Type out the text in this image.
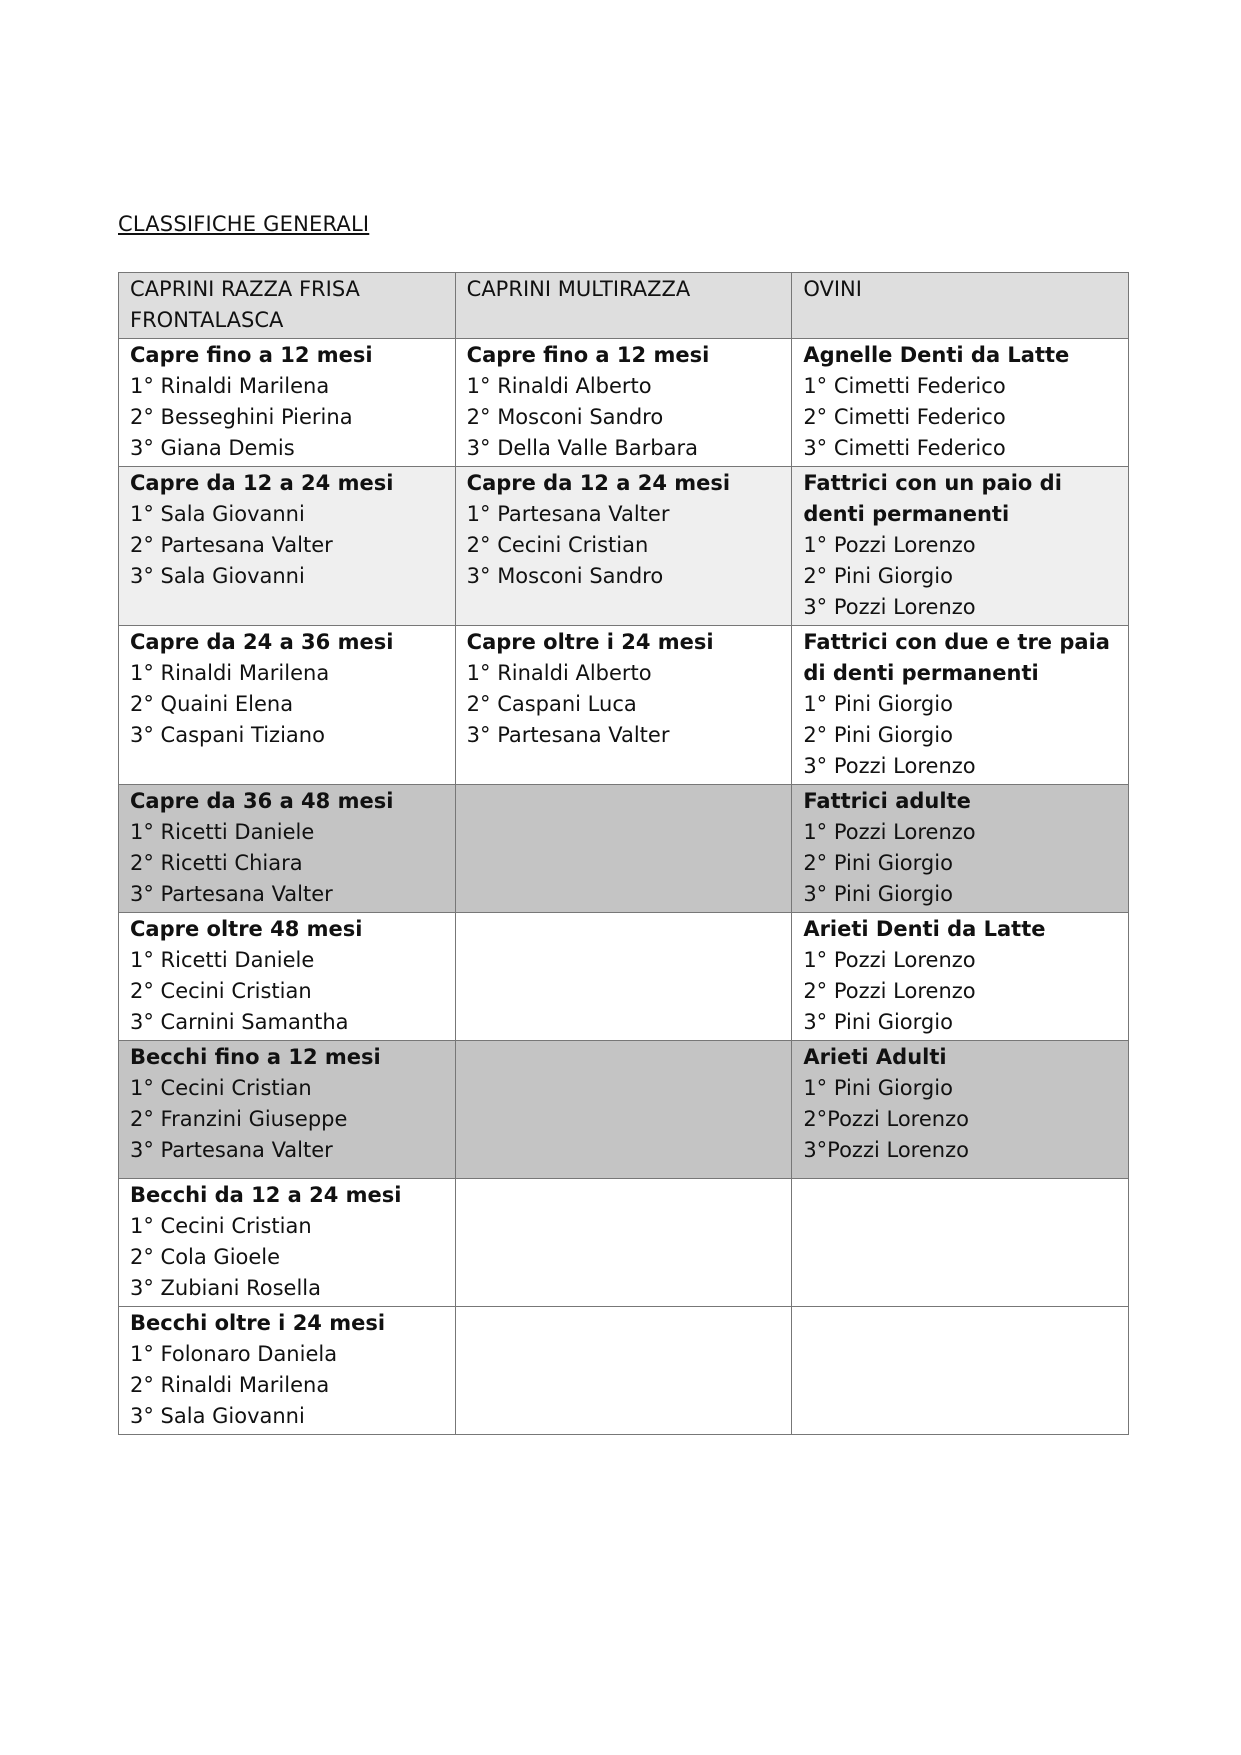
CLASSIFICHE GENERALI
CAPRINI RAZZA FRISA FRONTALASCA	CAPRINI MULTIRAZZA	OVINI

Capre fino a 12 mesi
1° Rinaldi Marilena
2° Besseghini Pierina
3° Giana Demis	Capre fino a 12 mesi
1° Rinaldi Alberto
2° Mosconi Sandro
3° Della Valle Barbara	Agnelle Denti da Latte
1° Cimetti Federico
2° Cimetti Federico
3° Cimetti Federico

Capre da 12 a 24 mesi
1° Sala Giovanni
2° Partesana Valter
3° Sala Giovanni	Capre da 12 a 24 mesi
1° Partesana Valter
2° Cecini Cristian
3° Mosconi Sandro	Fattrici con un paio di denti permanenti
1° Pozzi Lorenzo
2° Pini Giorgio
3° Pozzi Lorenzo

Capre da 24 a 36 mesi
1° Rinaldi Marilena
2° Quaini Elena
3° Caspani Tiziano	Capre oltre i 24 mesi
1° Rinaldi Alberto
2° Caspani Luca
3° Partesana Valter	Fattrici con due e tre paia di denti permanenti
1° Pini Giorgio
2° Pini Giorgio
3° Pozzi Lorenzo

Capre da 36 a 48 mesi
1° Ricetti Daniele
2° Ricetti Chiara
3° Partesana Valter		Fattrici adulte
1° Pozzi Lorenzo
2° Pini Giorgio
3° Pini Giorgio

Capre oltre 48 mesi
1° Ricetti Daniele
2° Cecini Cristian
3° Carnini Samantha		Arieti Denti da Latte
1° Pozzi Lorenzo
2° Pozzi Lorenzo
3° Pini Giorgio

Becchi fino a 12 mesi
1° Cecini Cristian
2° Franzini Giuseppe
3° Partesana Valter		Arieti Adulti
1° Pini Giorgio
2°Pozzi Lorenzo
3°Pozzi Lorenzo

Becchi da 12 a 24 mesi
1° Cecini Cristian
2° Cola Gioele
3° Zubiani Rosella		

Becchi oltre i 24 mesi
1° Folonaro Daniela
2° Rinaldi Marilena
3° Sala Giovanni		
